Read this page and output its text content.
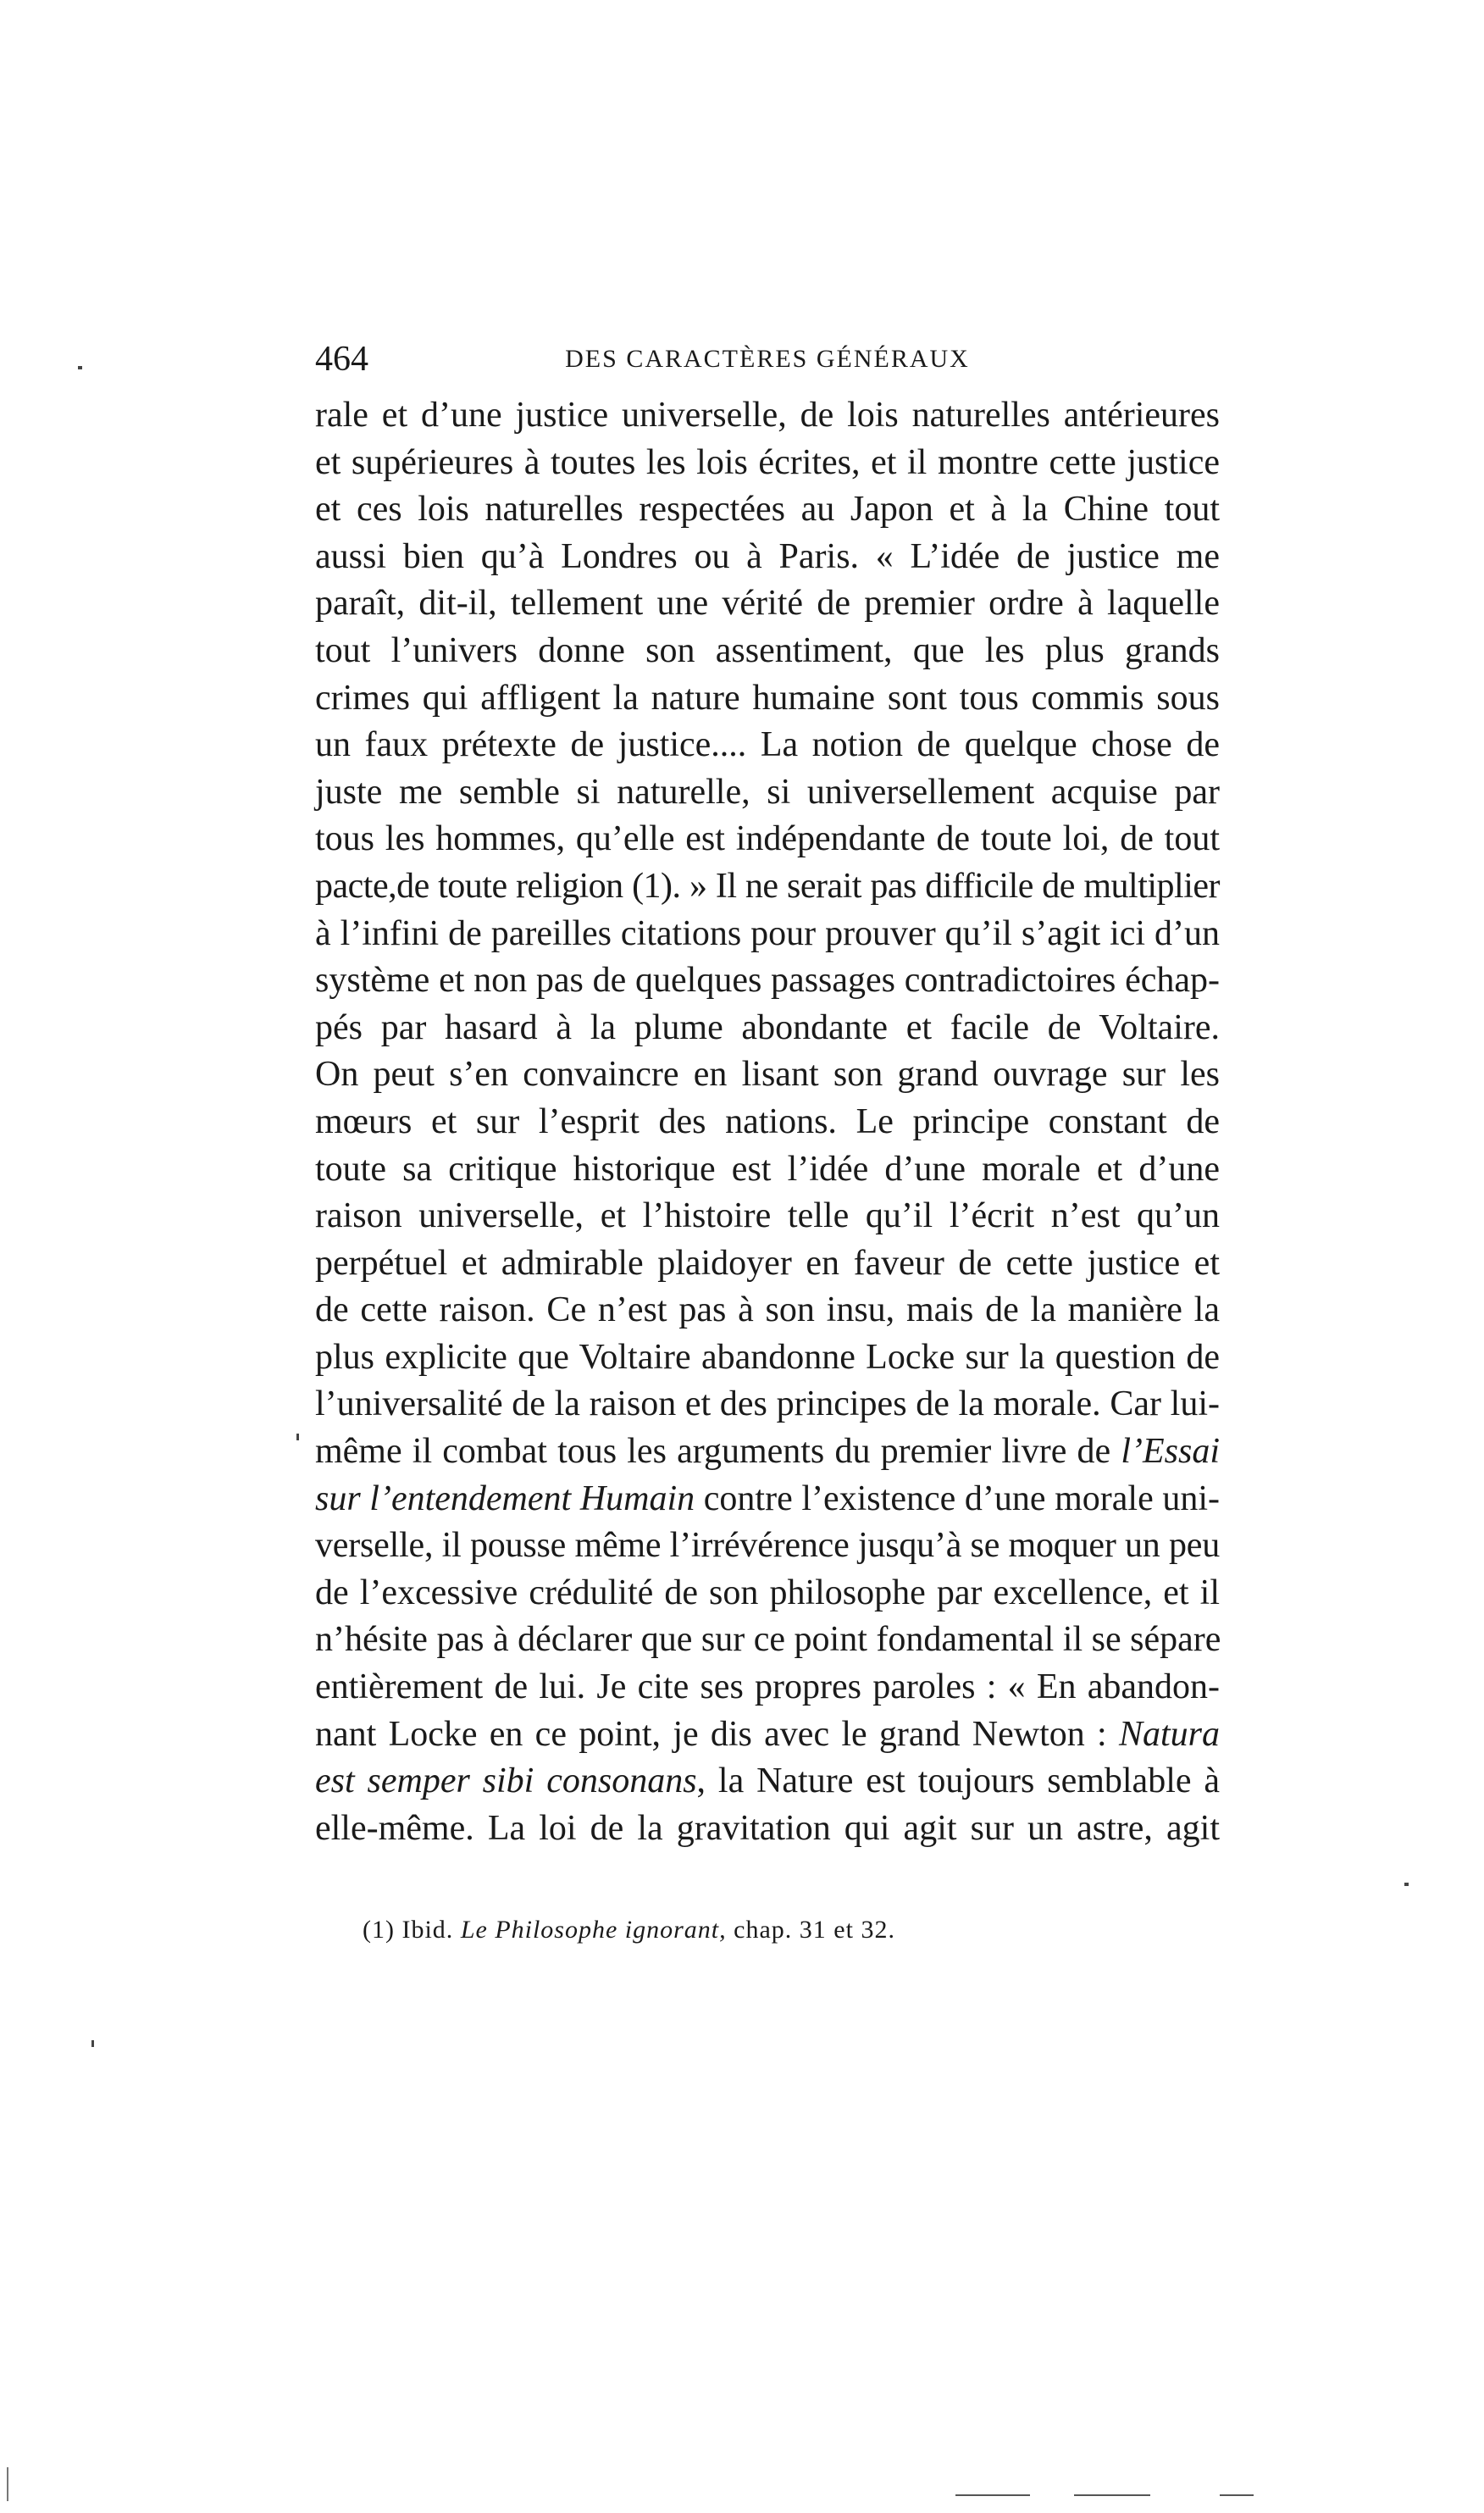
464	DES CARACTÈRES GÉNÉRAUX
rale et d’une justice universelle, de lois naturelles antérieures
et supérieures à toutes les lois écrites, et il montre cette justice
et ces lois naturelles respectées au Japon et à la Chine tout
aussi bien qu’à Londres ou à Paris. « L’idée de justice me
paraît, dit-il, tellement une vérité de premier ordre à laquelle
tout l’univers donne son assentiment, que les plus grands
crimes qui affligent la nature humaine sont tous commis sous
un faux prétexte de justice.... La notion de quelque chose de
juste me semble si naturelle, si universellement acquise par
tous les hommes, qu’elle est indépendante de toute loi, de tout
pacte,de toute religion (1). » Il ne serait pas difficile de multiplier
à l’infini de pareilles citations pour prouver qu’il s’agit ici d’un
système et non pas de quelques passages contradictoires échap-
pés par hasard à la plume abondante et facile de Voltaire.
On peut s’en convaincre en lisant son grand ouvrage sur les
mœurs et sur l’esprit des nations. Le principe constant de
toute sa critique historique est l’idée d’une morale et d’une
raison universelle, et l’histoire telle qu’il l’écrit n’est qu’un
perpétuel et admirable plaidoyer en faveur de cette justice et
de cette raison. Ce n’est pas à son insu, mais de la manière la
plus explicite que Voltaire abandonne Locke sur la question de
l’universalité de la raison et des principes de la morale. Car lui-
même il combat tous les arguments du premier livre de l’Essai
sur l’entendement Humain contre l’existence d’une morale uni-
verselle, il pousse même l’irrévérence jusqu’à se moquer un peu
de l’excessive crédulité de son philosophe par excellence, et il
n’hésite pas à déclarer que sur ce point fondamental il se sépare
entièrement de lui. Je cite ses propres paroles : « En abandon-
nant Locke en ce point, je dis avec le grand Newton : Natura
est semper sibi consonans, la Nature est toujours semblable à
elle-même. La loi de la gravitation qui agit sur un astre, agit
(1) Ibid. Le Philosophe ignorant, chap. 31 et 32.
